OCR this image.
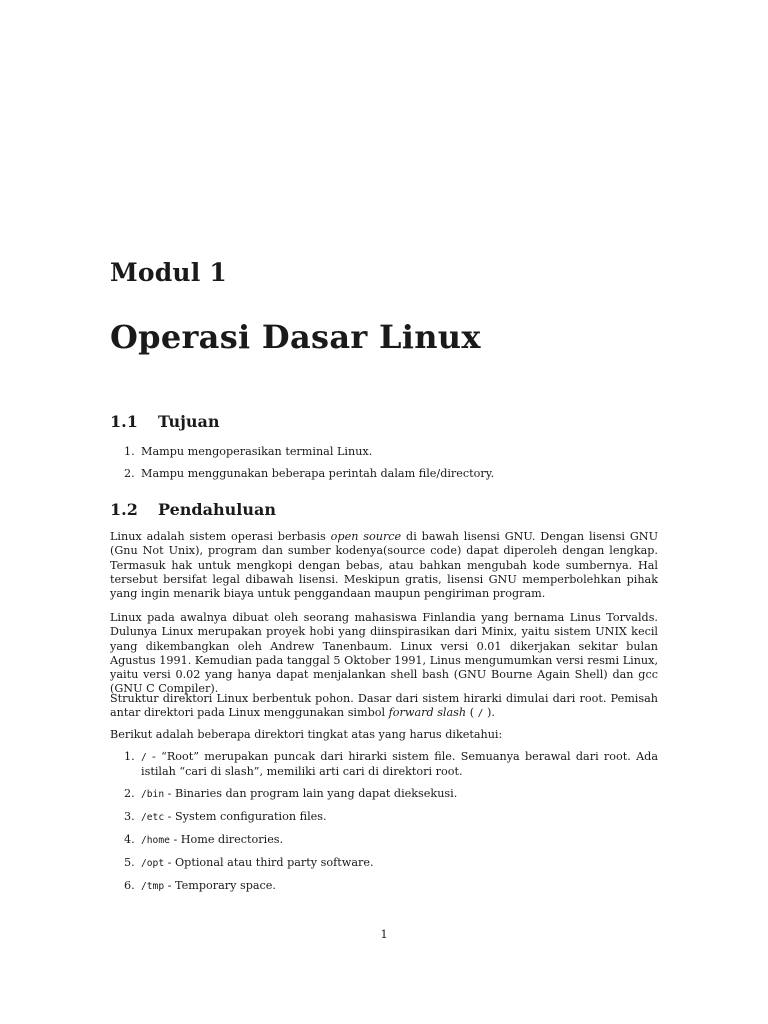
Modul 1
Operasi Dasar Linux
1.1 Tujuan
1. Mampu mengoperasikan terminal Linux.
2. Mampu menggunakan beberapa perintah dalam file/directory.
1.2 Pendahuluan

Linux adalah sistem operasi berbasis open source di bawah lisensi GNU. Dengan lisensi GNU (Gnu Not Unix), program dan sumber kodenya(source code) dapat diperoleh dengan lengkap. Termasuk hak untuk mengkopi dengan bebas, atau bahkan mengubah kode sumbernya. Hal tersebut bersifat legal dibawah lisensi. Meskipun gratis, lisensi GNU memperbolehkan pihak yang ingin menarik biaya untuk penggandaan maupun pengiriman program.

Linux pada awalnya dibuat oleh seorang mahasiswa Finlandia yang bernama Linus Torvalds. Dulunya Linux merupakan proyek hobi yang diinspirasikan dari Minix, yaitu sistem UNIX kecil yang dikembangkan oleh Andrew Tanenbaum. Linux versi 0.01 dikerjakan sekitar bulan Agustus 1991. Kemudian pada tanggal 5 Oktober 1991, Linus mengumumkan versi resmi Linux, yaitu versi 0.02 yang hanya dapat menjalankan shell bash (GNU Bourne Again Shell) dan gcc (GNU C Compiler).

Struktur direktori Linux berbentuk pohon. Dasar dari sistem hirarki dimulai dari root. Pemisah antar direktori pada Linux menggunakan simbol forward slash ( / ).

Berikut adalah beberapa direktori tingkat atas yang harus diketahui:

1. / - “Root” merupakan puncak dari hirarki sistem file. Semuanya berawal dari root. Ada istilah “cari di slash”, memiliki arti cari di direktori root.
2. /bin - Binaries dan program lain yang dapat dieksekusi.
3. /etc - System configuration files.
4. /home - Home directories.
5. /opt - Optional atau third party software.
6. /tmp - Temporary space.
1
